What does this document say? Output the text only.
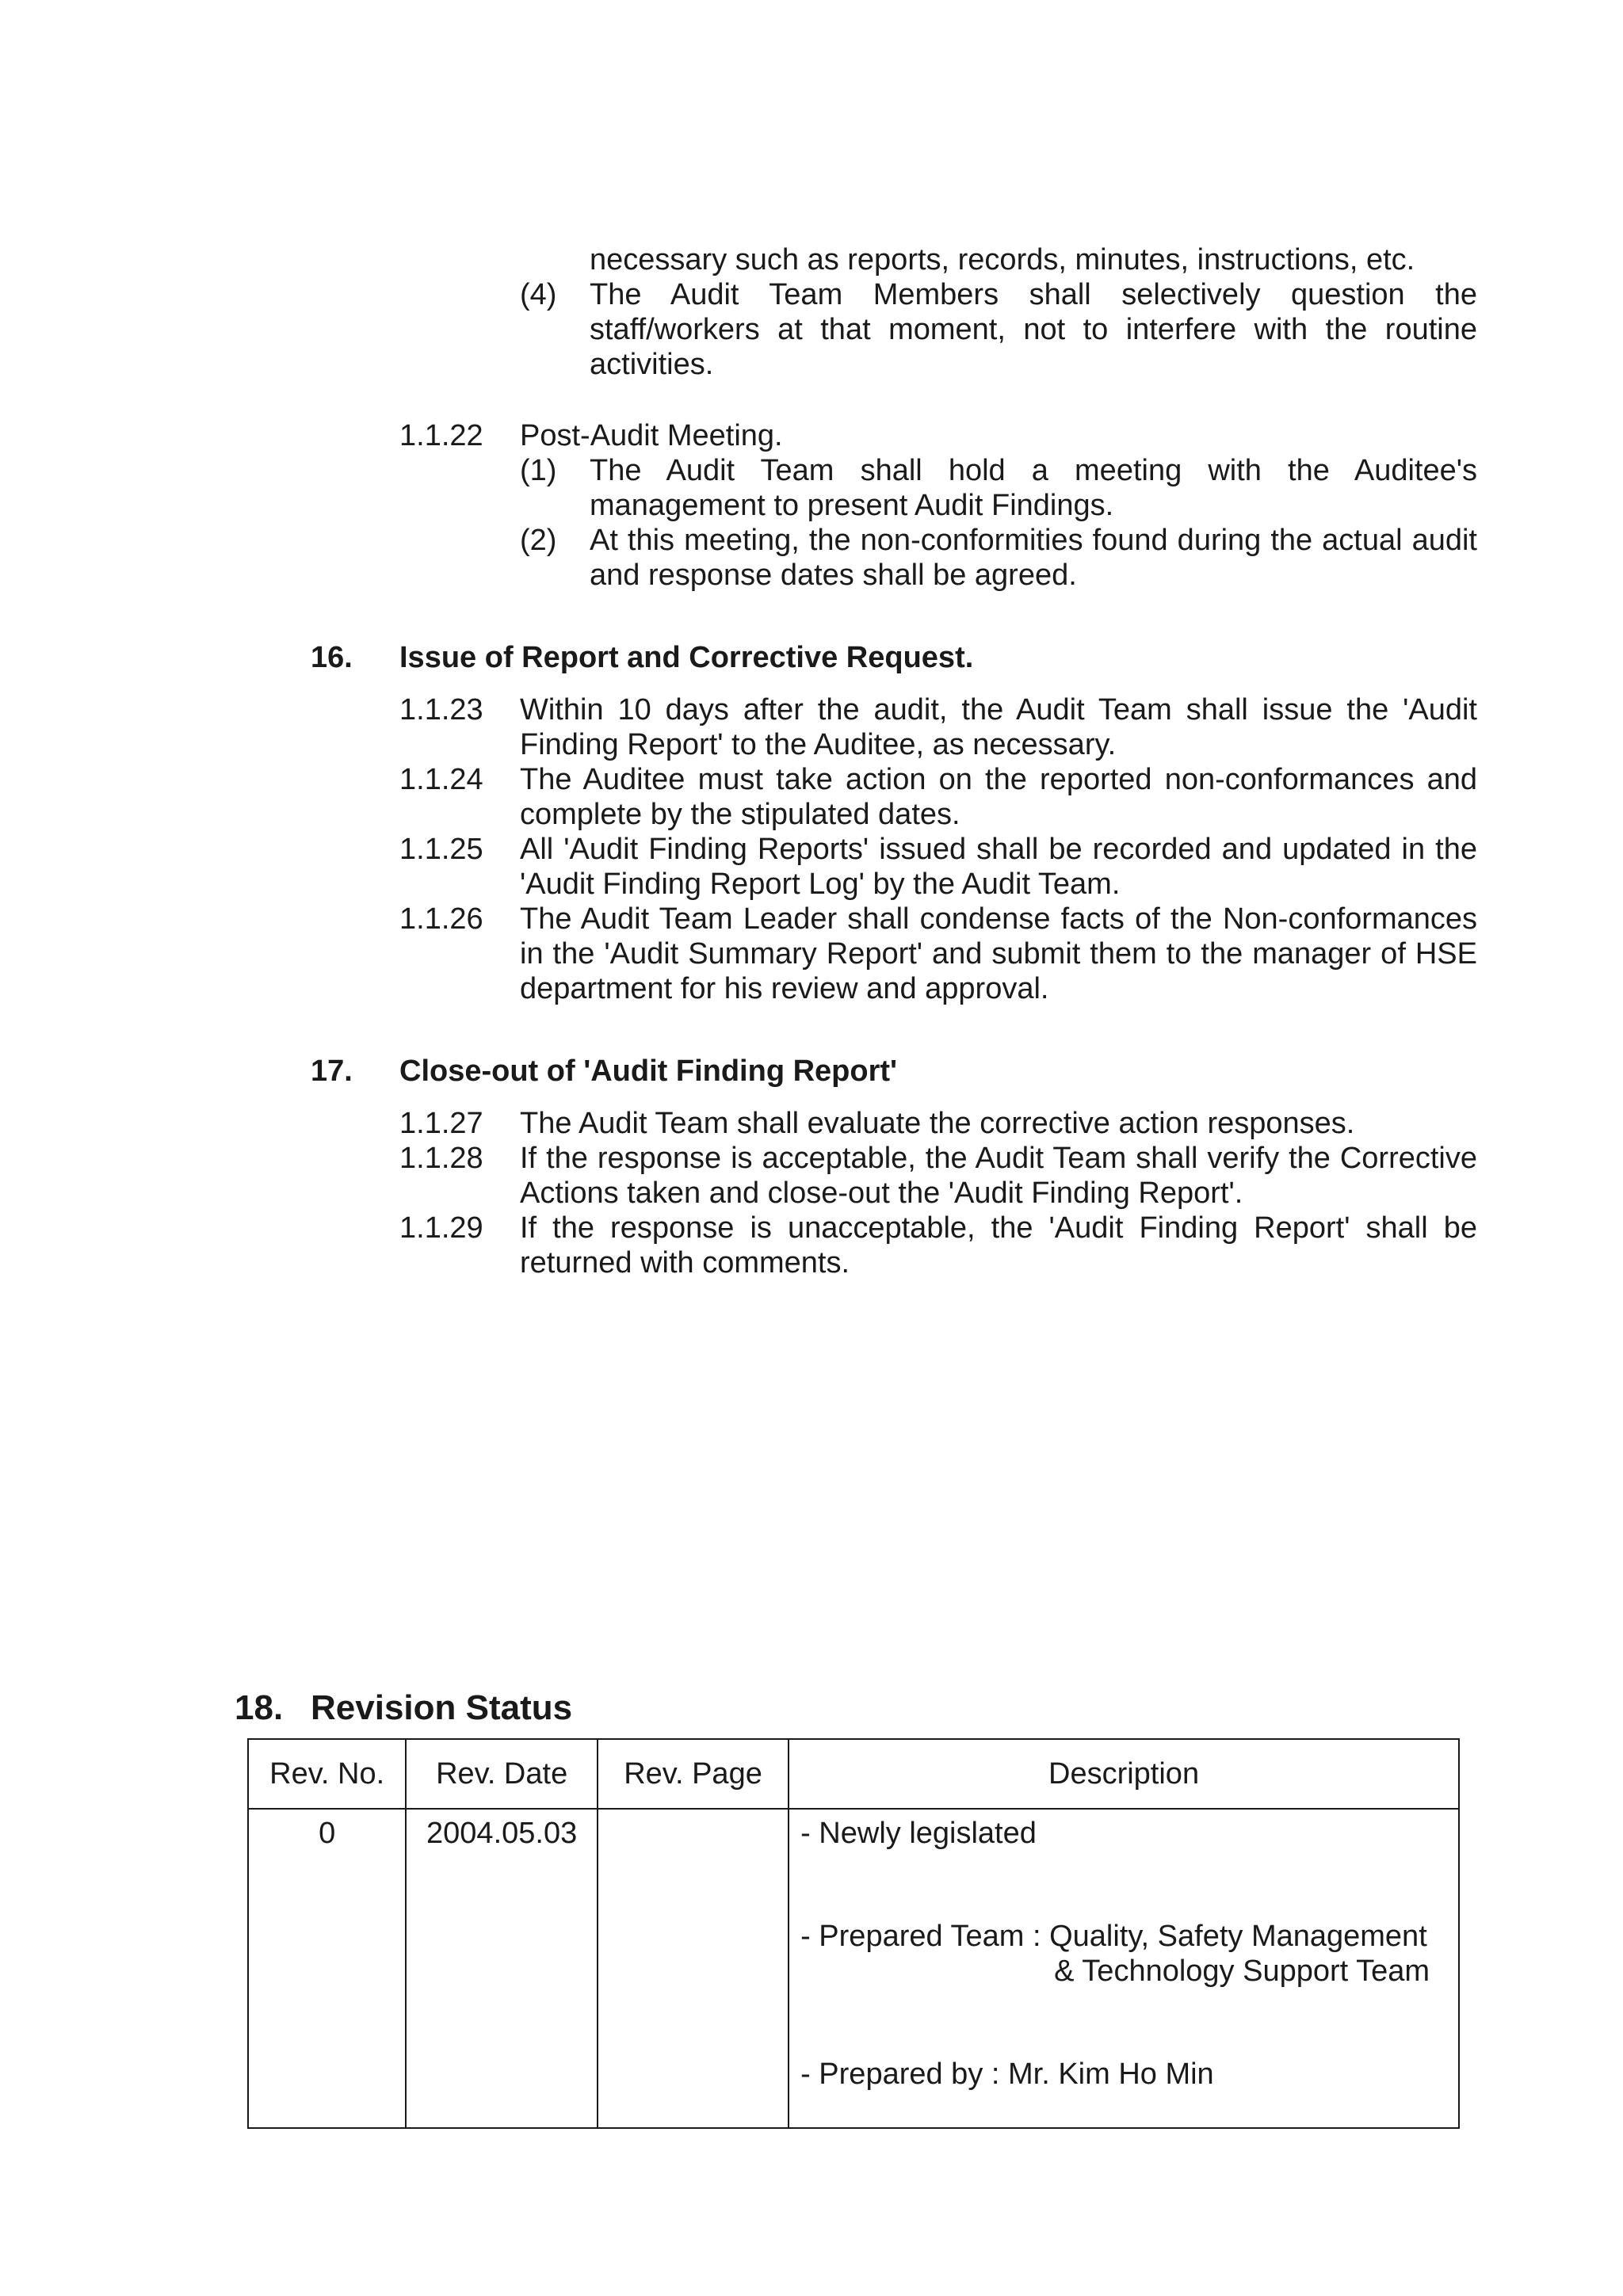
necessary such as reports, records, minutes, instructions, etc.
(4)	The Audit Team Members shall selectively question the staff/workers at that moment, not to interfere with the routine activities.
1.1.22	Post-Audit Meeting.
(1)	The Audit Team shall hold a meeting with the Auditee's management to present Audit Findings.
(2)	At this meeting, the non-conformities found during the actual audit and response dates shall be agreed.
16. Issue of Report and Corrective Request.
1.1.23	Within 10 days after the audit, the Audit Team shall issue the 'Audit Finding Report' to the Auditee, as necessary.
1.1.24	The Auditee must take action on the reported non-conformances and complete by the stipulated dates.
1.1.25	All 'Audit Finding Reports' issued shall be recorded and updated in the 'Audit Finding Report Log' by the Audit Team.
1.1.26	The Audit Team Leader shall condense facts of the Non-conformances in the 'Audit Summary Report' and submit them to the manager of HSE department for his review and approval.
17. Close-out of 'Audit Finding Report'
1.1.27	The Audit Team shall evaluate the corrective action responses.
1.1.28	If the response is acceptable, the Audit Team shall verify the Corrective Actions taken and close-out the 'Audit Finding Report'.
1.1.29	If the response is unacceptable, the 'Audit Finding Report' shall be returned with comments.
18. Revision Status
Rev. No.	Rev. Date	Rev. Page	Description
0	2004.05.03		- Newly legislated
- Prepared Team : Quality, Safety Management
& Technology Support Team
- Prepared by : Mr. Kim Ho Min
